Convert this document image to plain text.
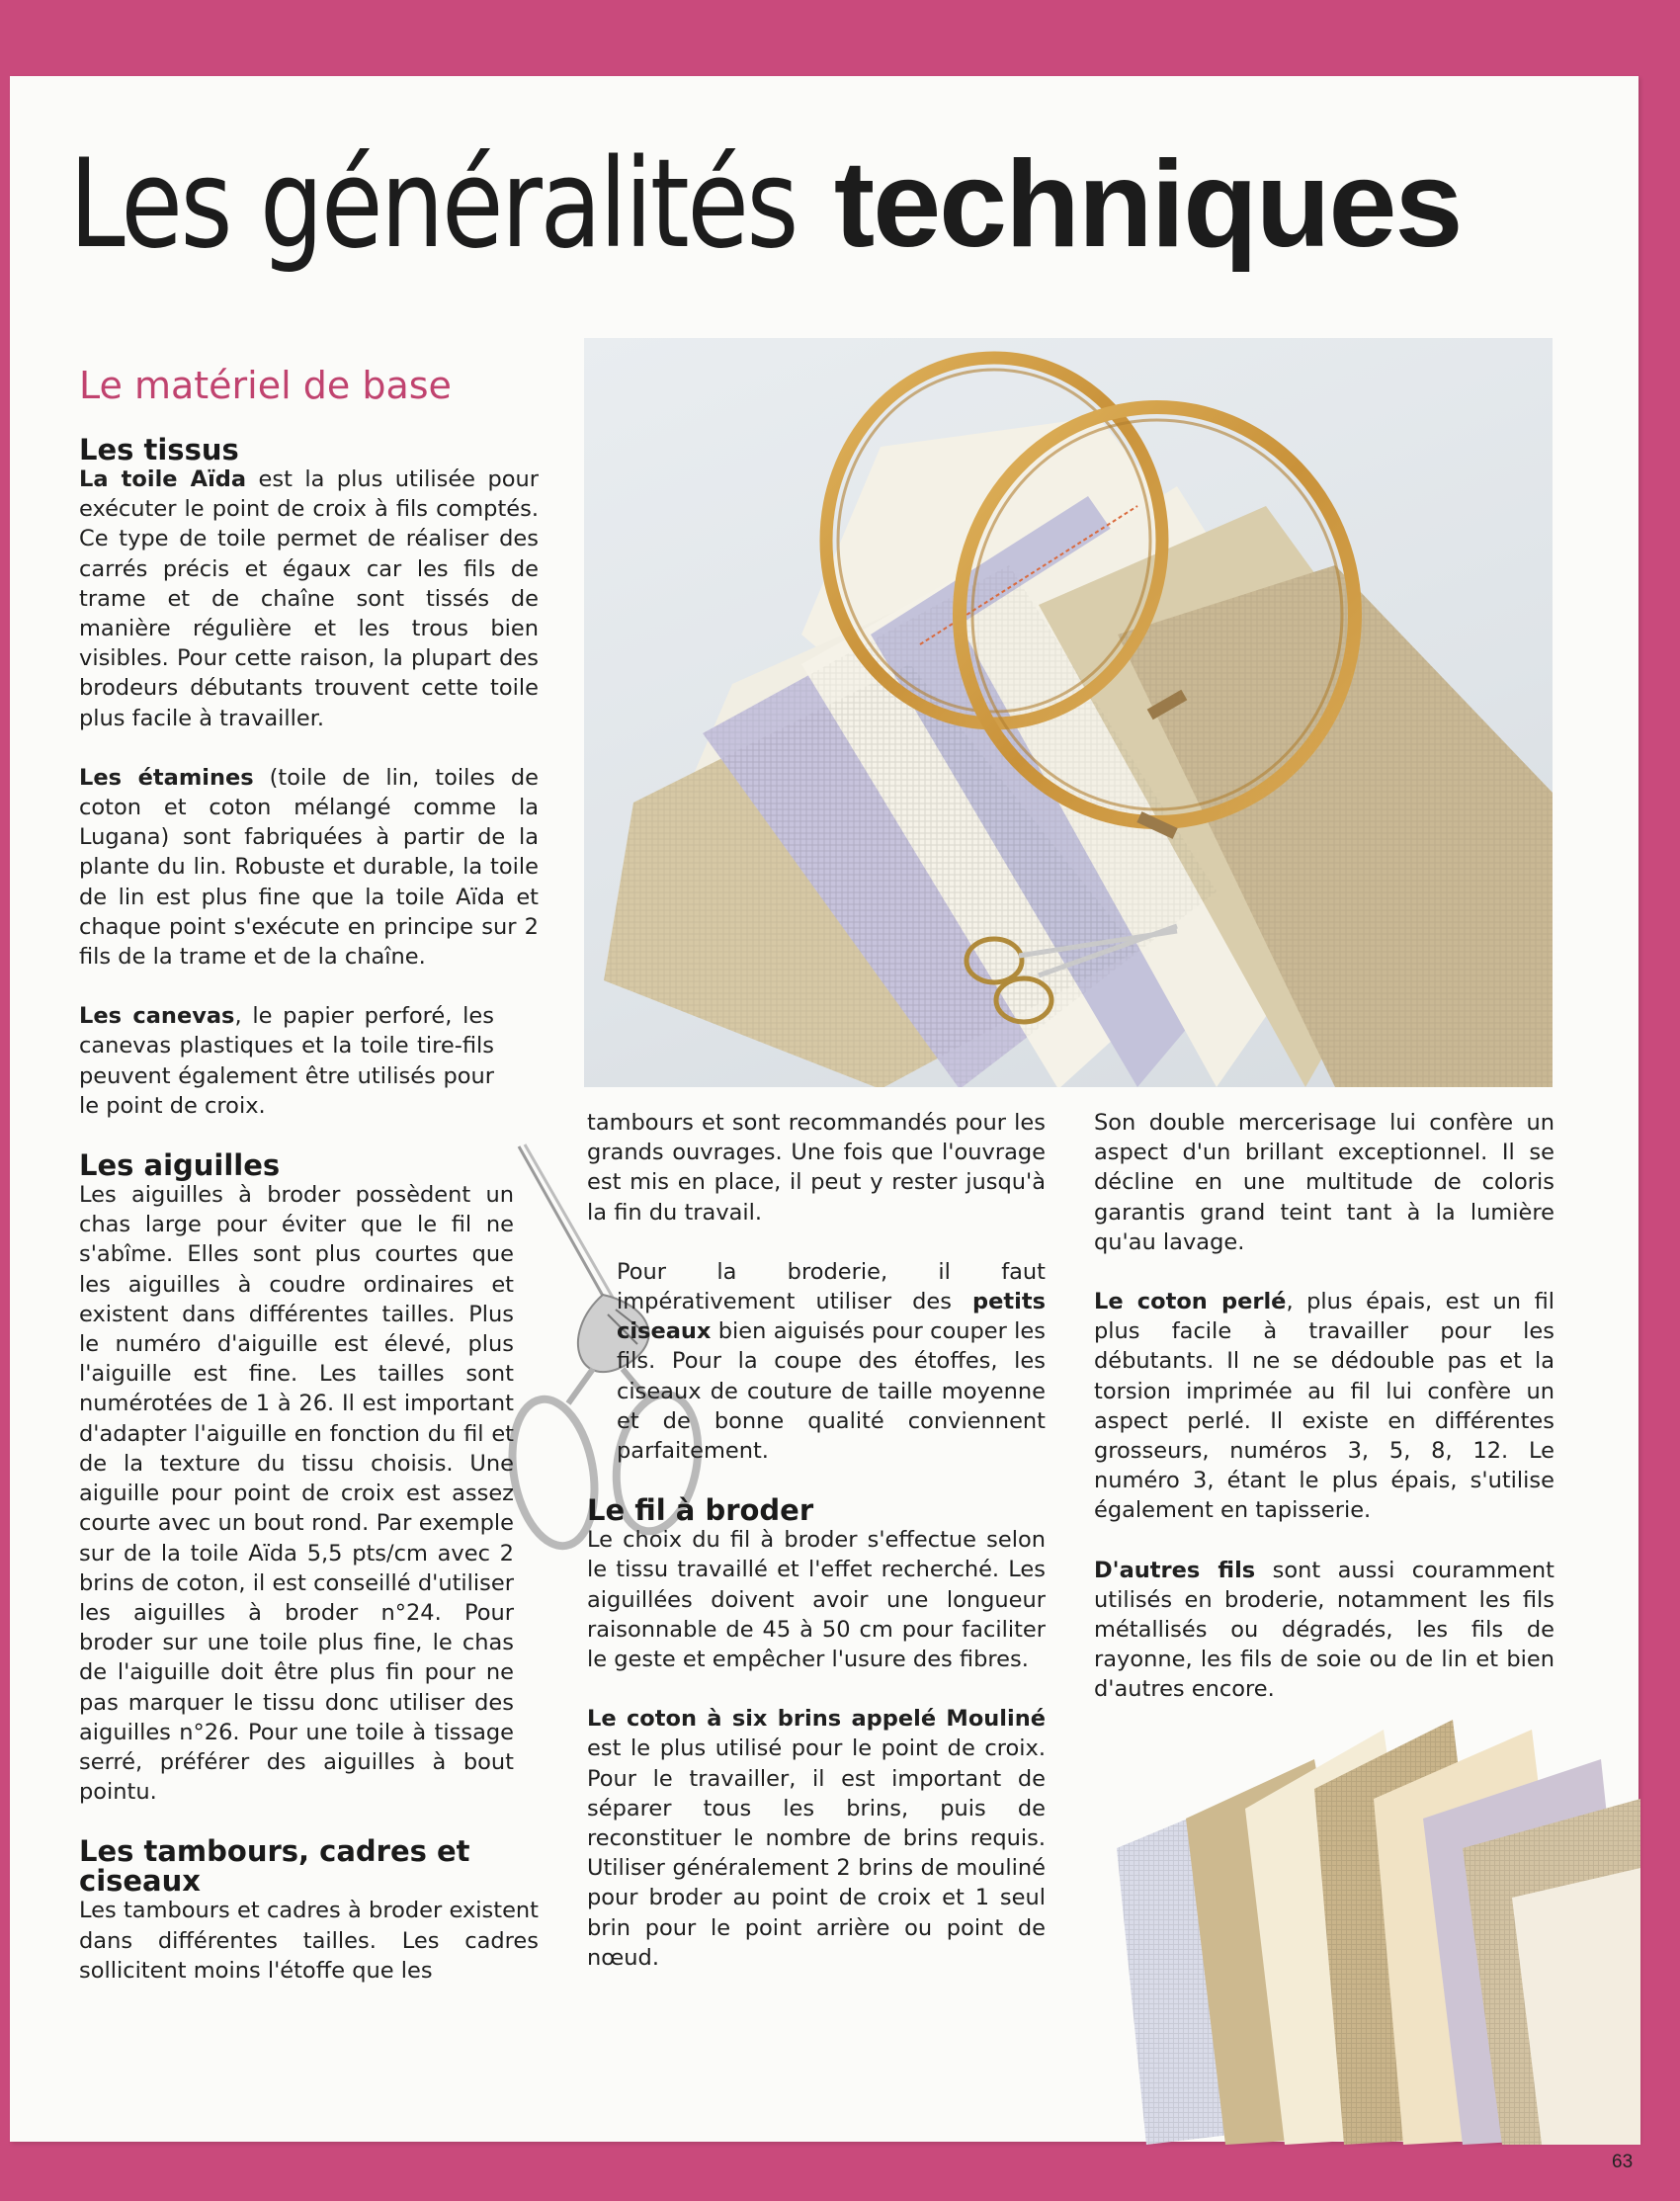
Les généralités techniques
Le matériel de base
Les tissus

La toile Aïda est la plus utilisée pour exécuter le point de croix à fils comptés. Ce type de toile permet de réaliser des carrés précis et égaux car les fils de trame et de chaîne sont tissés de manière régulière et les trous bien visibles. Pour cette raison, la plupart des brodeurs débutants trouvent cette toile plus facile à travailler.

Les étamines (toile de lin, toiles de coton et coton mélangé comme la Lugana) sont fabriquées à partir de la plante du lin. Robuste et durable, la toile de lin est plus fine que la toile Aïda et chaque point s'exécute en principe sur 2 fils de la trame et de la chaîne.

Les canevas, le papier perforé, les canevas plastiques et la toile tire-fils peuvent également être utilisés pour le point de croix.

Les aiguilles

Les aiguilles à broder possèdent un chas large pour éviter que le fil ne s'abîme. Elles sont plus courtes que les aiguilles à coudre ordinaires et existent dans différentes tailles. Plus le numéro d'aiguille est élevé, plus l'aiguille est fine. Les tailles sont numérotées de 1 à 26. Il est important d'adapter l'aiguille en fonction du fil et de la texture du tissu choisis. Une aiguille pour point de croix est assez courte avec un bout rond. Par exemple sur de la toile Aïda 5,5 pts/cm avec 2 brins de coton, il est conseillé d'utiliser les aiguilles à broder n°24. Pour broder sur une toile plus fine, le chas de l'aiguille doit être plus fin pour ne pas marquer le tissu donc utiliser des aiguilles n°26. Pour une toile à tissage serré, préférer des aiguilles à bout pointu.

Les tambours, cadres et ciseaux

Les tambours et cadres à broder existent dans différentes tailles. Les cadres sollicitent moins l'étoffe que les

tambours et sont recommandés pour les grands ouvrages. Une fois que l'ouvrage est mis en place, il peut y rester jusqu'à la fin du travail.

Pour la broderie, il faut impérativement utiliser des petits ciseaux bien aiguisés pour couper les fils. Pour la coupe des étoffes, les ciseaux de couture de taille moyenne et de bonne qualité conviennent parfaitement.

Le fil à broder

Le choix du fil à broder s'effectue selon le tissu travaillé et l'effet recherché. Les aiguillées doivent avoir une longueur raisonnable de 45 à 50 cm pour faciliter le geste et empêcher l'usure des fibres.

Le coton à six brins appelé Mouliné est le plus utilisé pour le point de croix. Pour le travailler, il est important de séparer tous les brins, puis de reconstituer le nombre de brins requis. Utiliser généralement 2 brins de mouliné pour broder au point de croix et 1 seul brin pour le point arrière ou point de nœud.

Son double mercerisage lui confère un aspect d'un brillant exceptionnel. Il se décline en une multitude de coloris garantis grand teint tant à la lumière qu'au lavage.

Le coton perlé, plus épais, est un fil plus facile à travailler pour les débutants. Il ne se dédouble pas et la torsion imprimée au fil lui confère un aspect perlé. Il existe en différentes grosseurs, numéros 3, 5, 8, 12. Le numéro 3, étant le plus épais, s'utilise également en tapisserie.

D'autres fils sont aussi couramment utilisés en broderie, notamment les fils métallisés ou dégradés, les fils de rayonne, les fils de soie ou de lin et bien d'autres encore.

63
